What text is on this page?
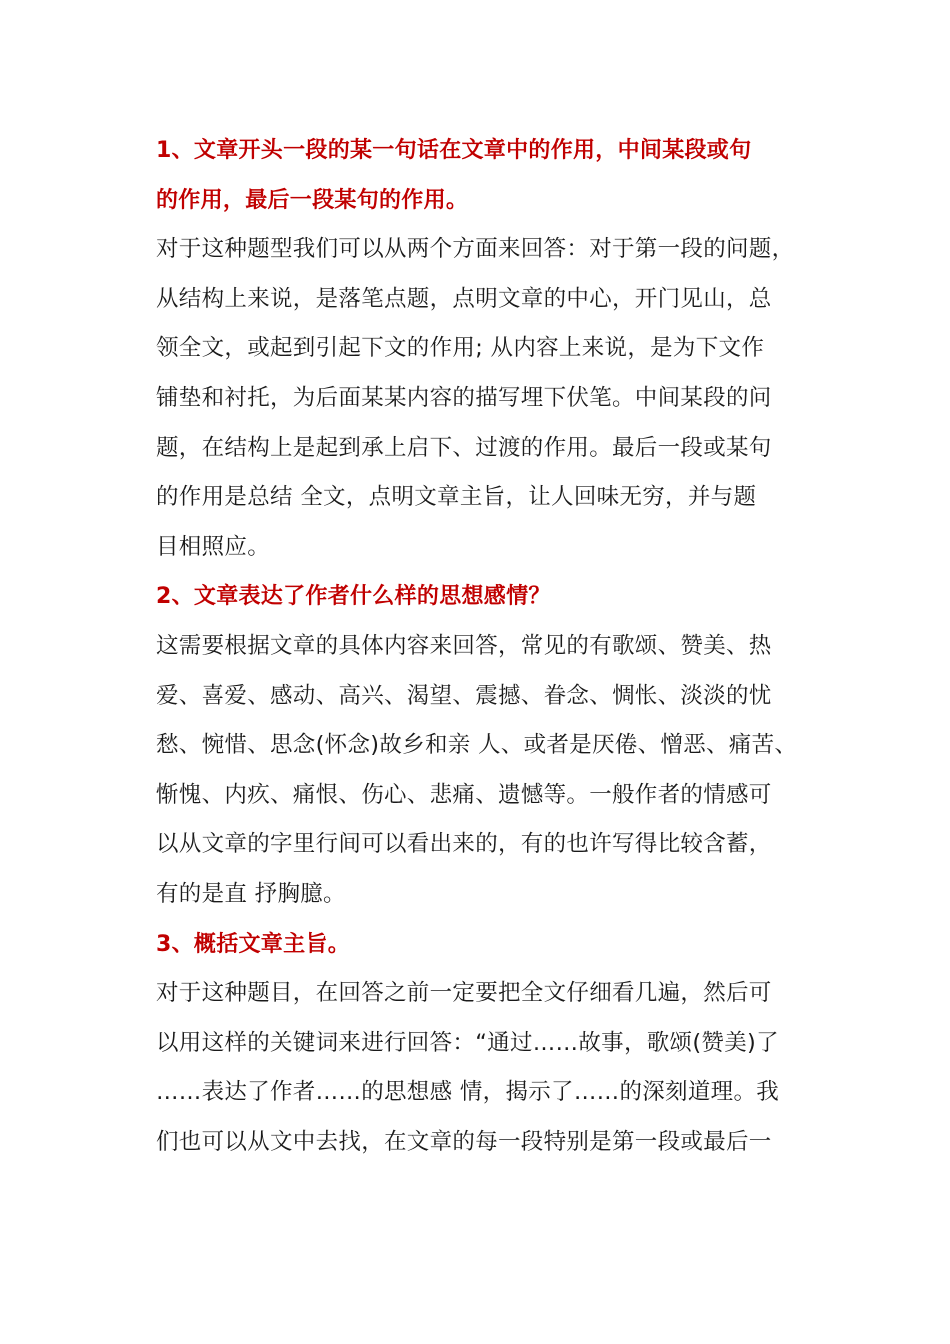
1、文章开头一段的某一句话在文章中的作用，中间某段或句
的作用，最后一段某句的作用。
对于这种题型我们可以从两个方面来回答：对于第一段的问题，
从结构上来说，是落笔点题，点明文章的中心，开门见山，总
领全文，或起到引起下文的作用; 从内容上来说，是为下文作
铺垫和衬托，为后面某某内容的描写埋下伏笔。中间某段的问
题，在结构上是起到承上启下、过渡的作用。最后一段或某句
的作用是总结 全文，点明文章主旨，让人回味无穷，并与题
目相照应。
2、文章表达了作者什么样的思想感情？
这需要根据文章的具体内容来回答，常见的有歌颂、赞美、热
爱、喜爱、感动、高兴、渴望、震撼、眷念、惆怅、淡淡的忧
愁、惋惜、思念(怀念)故乡和亲 人、或者是厌倦、憎恶、痛苦、
惭愧、内疚、痛恨、伤心、悲痛、遗憾等。一般作者的情感可
以从文章的字里行间可以看出来的，有的也许写得比较含蓄，
有的是直 抒胸臆。
3、概括文章主旨。
对于这种题目，在回答之前一定要把全文仔细看几遍，然后可
以用这样的关键词来进行回答：“通过……故事，歌颂(赞美)了
……表达了作者……的思想感 情，揭示了……的深刻道理。我
们也可以从文中去找，在文章的每一段特别是第一段或最后一
